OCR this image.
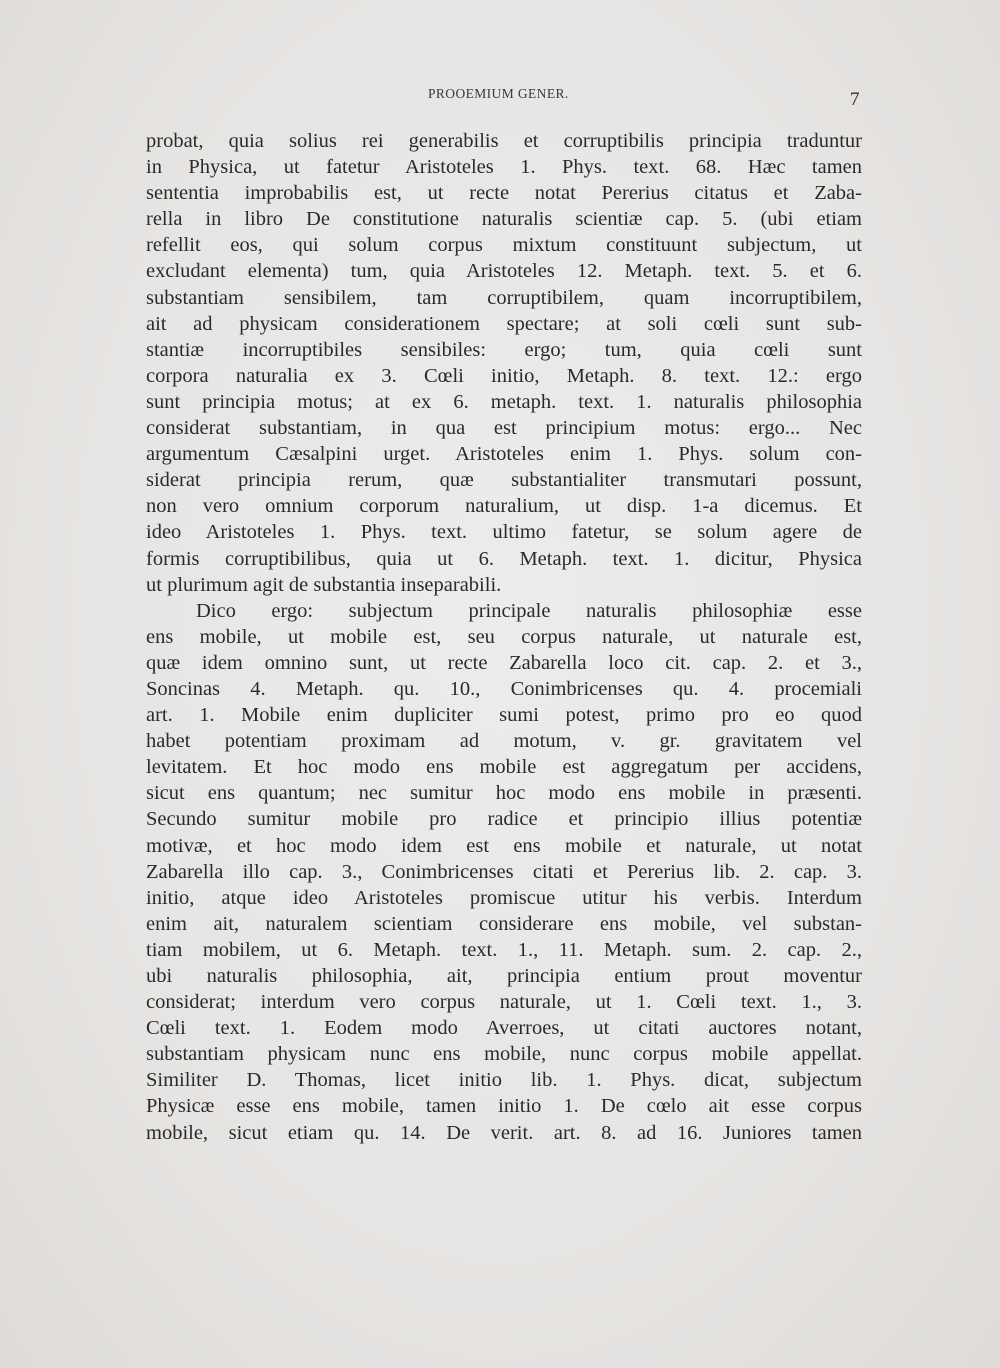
PROOEMIUM GENER.	7
probat, quia solius rei generabilis et corruptibilis principia traduntur
in Physica, ut fatetur Aristoteles 1. Phys. text. 68. Hæc tamen
sententia improbabilis est, ut recte notat Pererius citatus et Zaba-
rella in libro De constitutione naturalis scientiæ cap. 5. (ubi etiam
refellit eos, qui solum corpus mixtum constituunt subjectum, ut
excludant elementa) tum, quia Aristoteles 12. Metaph. text. 5. et 6.
substantiam sensibilem, tam corruptibilem, quam incorruptibilem,
ait ad physicam considerationem spectare; at soli cœli sunt sub-
stantiæ incorruptibiles sensibiles: ergo; tum, quia cœli sunt
corpora naturalia ex 3. Cœli initio, Metaph. 8. text. 12.: ergo
sunt principia motus; at ex 6. metaph. text. 1. naturalis philosophia
considerat substantiam, in qua est principium motus: ergo... Nec
argumentum Cæsalpini urget. Aristoteles enim 1. Phys. solum con-
siderat principia rerum, quæ substantialiter transmutari possunt,
non vero omnium corporum naturalium, ut disp. 1-a dicemus. Et
ideo Aristoteles 1. Phys. text. ultimo fatetur, se solum agere de
formis corruptibilibus, quia ut 6. Metaph. text. 1. dicitur, Physica
ut plurimum agit de substantia inseparabili.
Dico ergo: subjectum principale naturalis philosophiæ esse
ens mobile, ut mobile est, seu corpus naturale, ut naturale est,
quæ idem omnino sunt, ut recte Zabarella loco cit. cap. 2. et 3.,
Soncinas 4. Metaph. qu. 10., Conimbricenses qu. 4. procemiali
art. 1. Mobile enim dupliciter sumi potest, primo pro eo quod
habet potentiam proximam ad motum, v. gr. gravitatem vel
levitatem. Et hoc modo ens mobile est aggregatum per accidens,
sicut ens quantum; nec sumitur hoc modo ens mobile in præsenti.
Secundo sumitur mobile pro radice et principio illius potentiæ
motivæ, et hoc modo idem est ens mobile et naturale, ut notat
Zabarella illo cap. 3., Conimbricenses citati et Pererius lib. 2. cap. 3.
initio, atque ideo Aristoteles promiscue utitur his verbis. Interdum
enim ait, naturalem scientiam considerare ens mobile, vel substan-
tiam mobilem, ut 6. Metaph. text. 1., 11. Metaph. sum. 2. cap. 2.,
ubi naturalis philosophia, ait, principia entium prout moventur
considerat; interdum vero corpus naturale, ut 1. Cœli text. 1., 3.
Cœli text. 1. Eodem modo Averroes, ut citati auctores notant,
substantiam physicam nunc ens mobile, nunc corpus mobile appellat.
Similiter D. Thomas, licet initio lib. 1. Phys. dicat, subjectum
Physicæ esse ens mobile, tamen initio 1. De cœlo ait esse corpus
mobile, sicut etiam qu. 14. De verit. art. 8. ad 16. Juniores tamen
